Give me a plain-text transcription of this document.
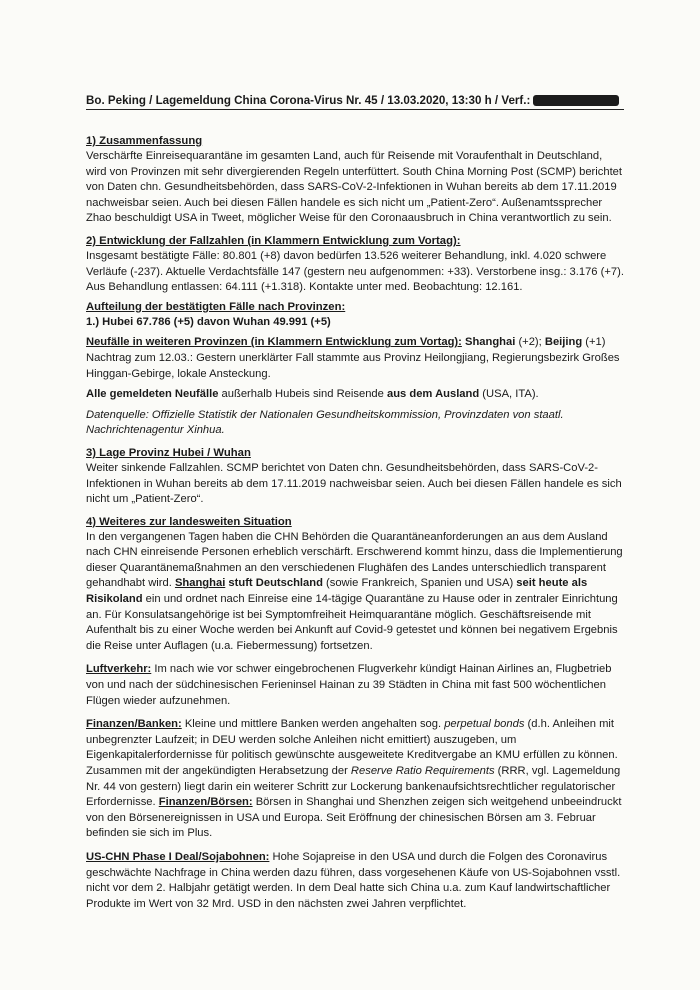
Bo. Peking / Lagemeldung China Corona-Virus Nr. 45 / 13.03.2020, 13:30 h / Verf.:
1) Zusammenfassung

Verschärfte Einreisequarantäne im gesamten Land, auch für Reisende mit Voraufenthalt in Deutschland, wird von Provinzen mit sehr divergierenden Regeln unterfüttert. South China Morning Post (SCMP) berichtet von Daten chn. Gesundheitsbehörden, dass SARS-CoV-2-Infektionen in Wuhan bereits ab dem 17.11.2019 nachweisbar seien. Auch bei diesen Fällen handele es sich nicht um „Patient-Zero“. Außenamtssprecher Zhao beschuldigt USA in Tweet, möglicher Weise für den Coronaausbruch in China verantwortlich zu sein.

2) Entwicklung der Fallzahlen (in Klammern Entwicklung zum Vortag):

Insgesamt bestätigte Fälle: 80.801 (+8) davon bedürfen 13.526 weiterer Behandlung, inkl. 4.020 schwere Verläufe (-237). Aktuelle Verdachtsfälle 147 (gestern neu aufgenommen: +33). Verstorbene insg.: 3.176 (+7). Aus Behandlung entlassen: 64.111 (+1.318). Kontakte unter med. Beobachtung: 12.161.

Aufteilung der bestätigten Fälle nach Provinzen:

1.) Hubei 67.786 (+5) davon Wuhan 49.991 (+5)

Neufälle in weiteren Provinzen (in Klammern Entwicklung zum Vortag): Shanghai (+2); Beijing (+1) Nachtrag zum 12.03.: Gestern unerklärter Fall stammte aus Provinz Heilongjiang, Regierungsbezirk Großes Hinggan-Gebirge, lokale Ansteckung.

Alle gemeldeten Neufälle außerhalb Hubeis sind Reisende aus dem Ausland (USA, ITA).

Datenquelle: Offizielle Statistik der Nationalen Gesundheitskommission, Provinzdaten von staatl. Nachrichtenagentur Xinhua.

3) Lage Provinz Hubei / Wuhan

Weiter sinkende Fallzahlen. SCMP berichtet von Daten chn. Gesundheitsbehörden, dass SARS-CoV-2-Infektionen in Wuhan bereits ab dem 17.11.2019 nachweisbar seien. Auch bei diesen Fällen handele es sich nicht um „Patient-Zero“.

4) Weiteres zur landesweiten Situation

In den vergangenen Tagen haben die CHN Behörden die Quarantäneanforderungen an aus dem Ausland nach CHN einreisende Personen erheblich verschärft. Erschwerend kommt hinzu, dass die Implementierung dieser Quarantänemaßnahmen an den verschiedenen Flughäfen des Landes unterschiedlich transparent gehandhabt wird. Shanghai stuft Deutschland (sowie Frankreich, Spanien und USA) seit heute als Risikoland ein und ordnet nach Einreise eine 14-tägige Quarantäne zu Hause oder in zentraler Einrichtung an. Für Konsulatsangehörige ist bei Symptomfreiheit Heimquarantäne möglich. Geschäftsreisende mit Aufenthalt bis zu einer Woche werden bei Ankunft auf Covid-9 getestet und können bei negativem Ergebnis die Reise unter Auflagen (u.a. Fiebermessung) fortsetzen.

Luftverkehr: Im nach wie vor schwer eingebrochenen Flugverkehr kündigt Hainan Airlines an, Flugbetrieb von und nach der südchinesischen Ferieninsel Hainan zu 39 Städten in China mit fast 500 wöchentlichen Flügen wieder aufzunehmen.

Finanzen/Banken: Kleine und mittlere Banken werden angehalten sog. perpetual bonds (d.h. Anleihen mit unbegrenzter Laufzeit; in DEU werden solche Anleihen nicht emittiert) auszugeben, um Eigenkapitalerfordernisse für politisch gewünschte ausgeweitete Kreditvergabe an KMU erfüllen zu können. Zusammen mit der angekündigten Herabsetzung der Reserve Ratio Requirements (RRR, vgl. Lagemeldung Nr. 44 von gestern) liegt darin ein weiterer Schritt zur Lockerung bankenaufsichtsrechtlicher regulatorischer Erfordernisse. Finanzen/Börsen: Börsen in Shanghai und Shenzhen zeigen sich weitgehend unbeeindruckt von den Börsenereignissen in USA und Europa. Seit Eröffnung der chinesischen Börsen am 3. Februar befinden sie sich im Plus.

US-CHN Phase I Deal/Sojabohnen: Hohe Sojapreise in den USA und durch die Folgen des Coronavirus geschwächte Nachfrage in China werden dazu führen, dass vorgesehenen Käufe von US-Sojabohnen vsstl. nicht vor dem 2. Halbjahr getätigt werden. In dem Deal hatte sich China u.a. zum Kauf landwirtschaftlicher Produkte im Wert von 32 Mrd. USD in den nächsten zwei Jahren verpflichtet.
